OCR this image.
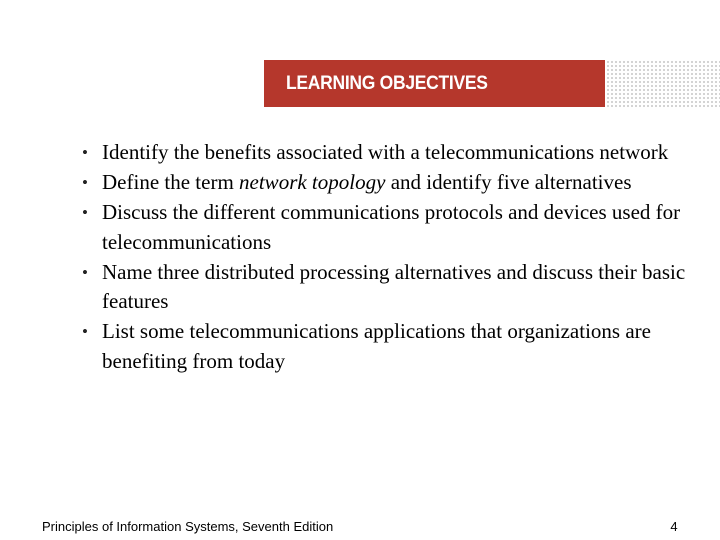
LEARNING OBJECTIVES
• Identify the benefits associated with a telecommunications network
• Define the term network topology and identify five alternatives
• Discuss the different communications protocols and devices used for telecommunications
• Name three distributed processing alternatives and discuss their basic features
• List some telecommunications applications that organizations are benefiting from today
Principles of Information Systems, Seventh Edition	4
